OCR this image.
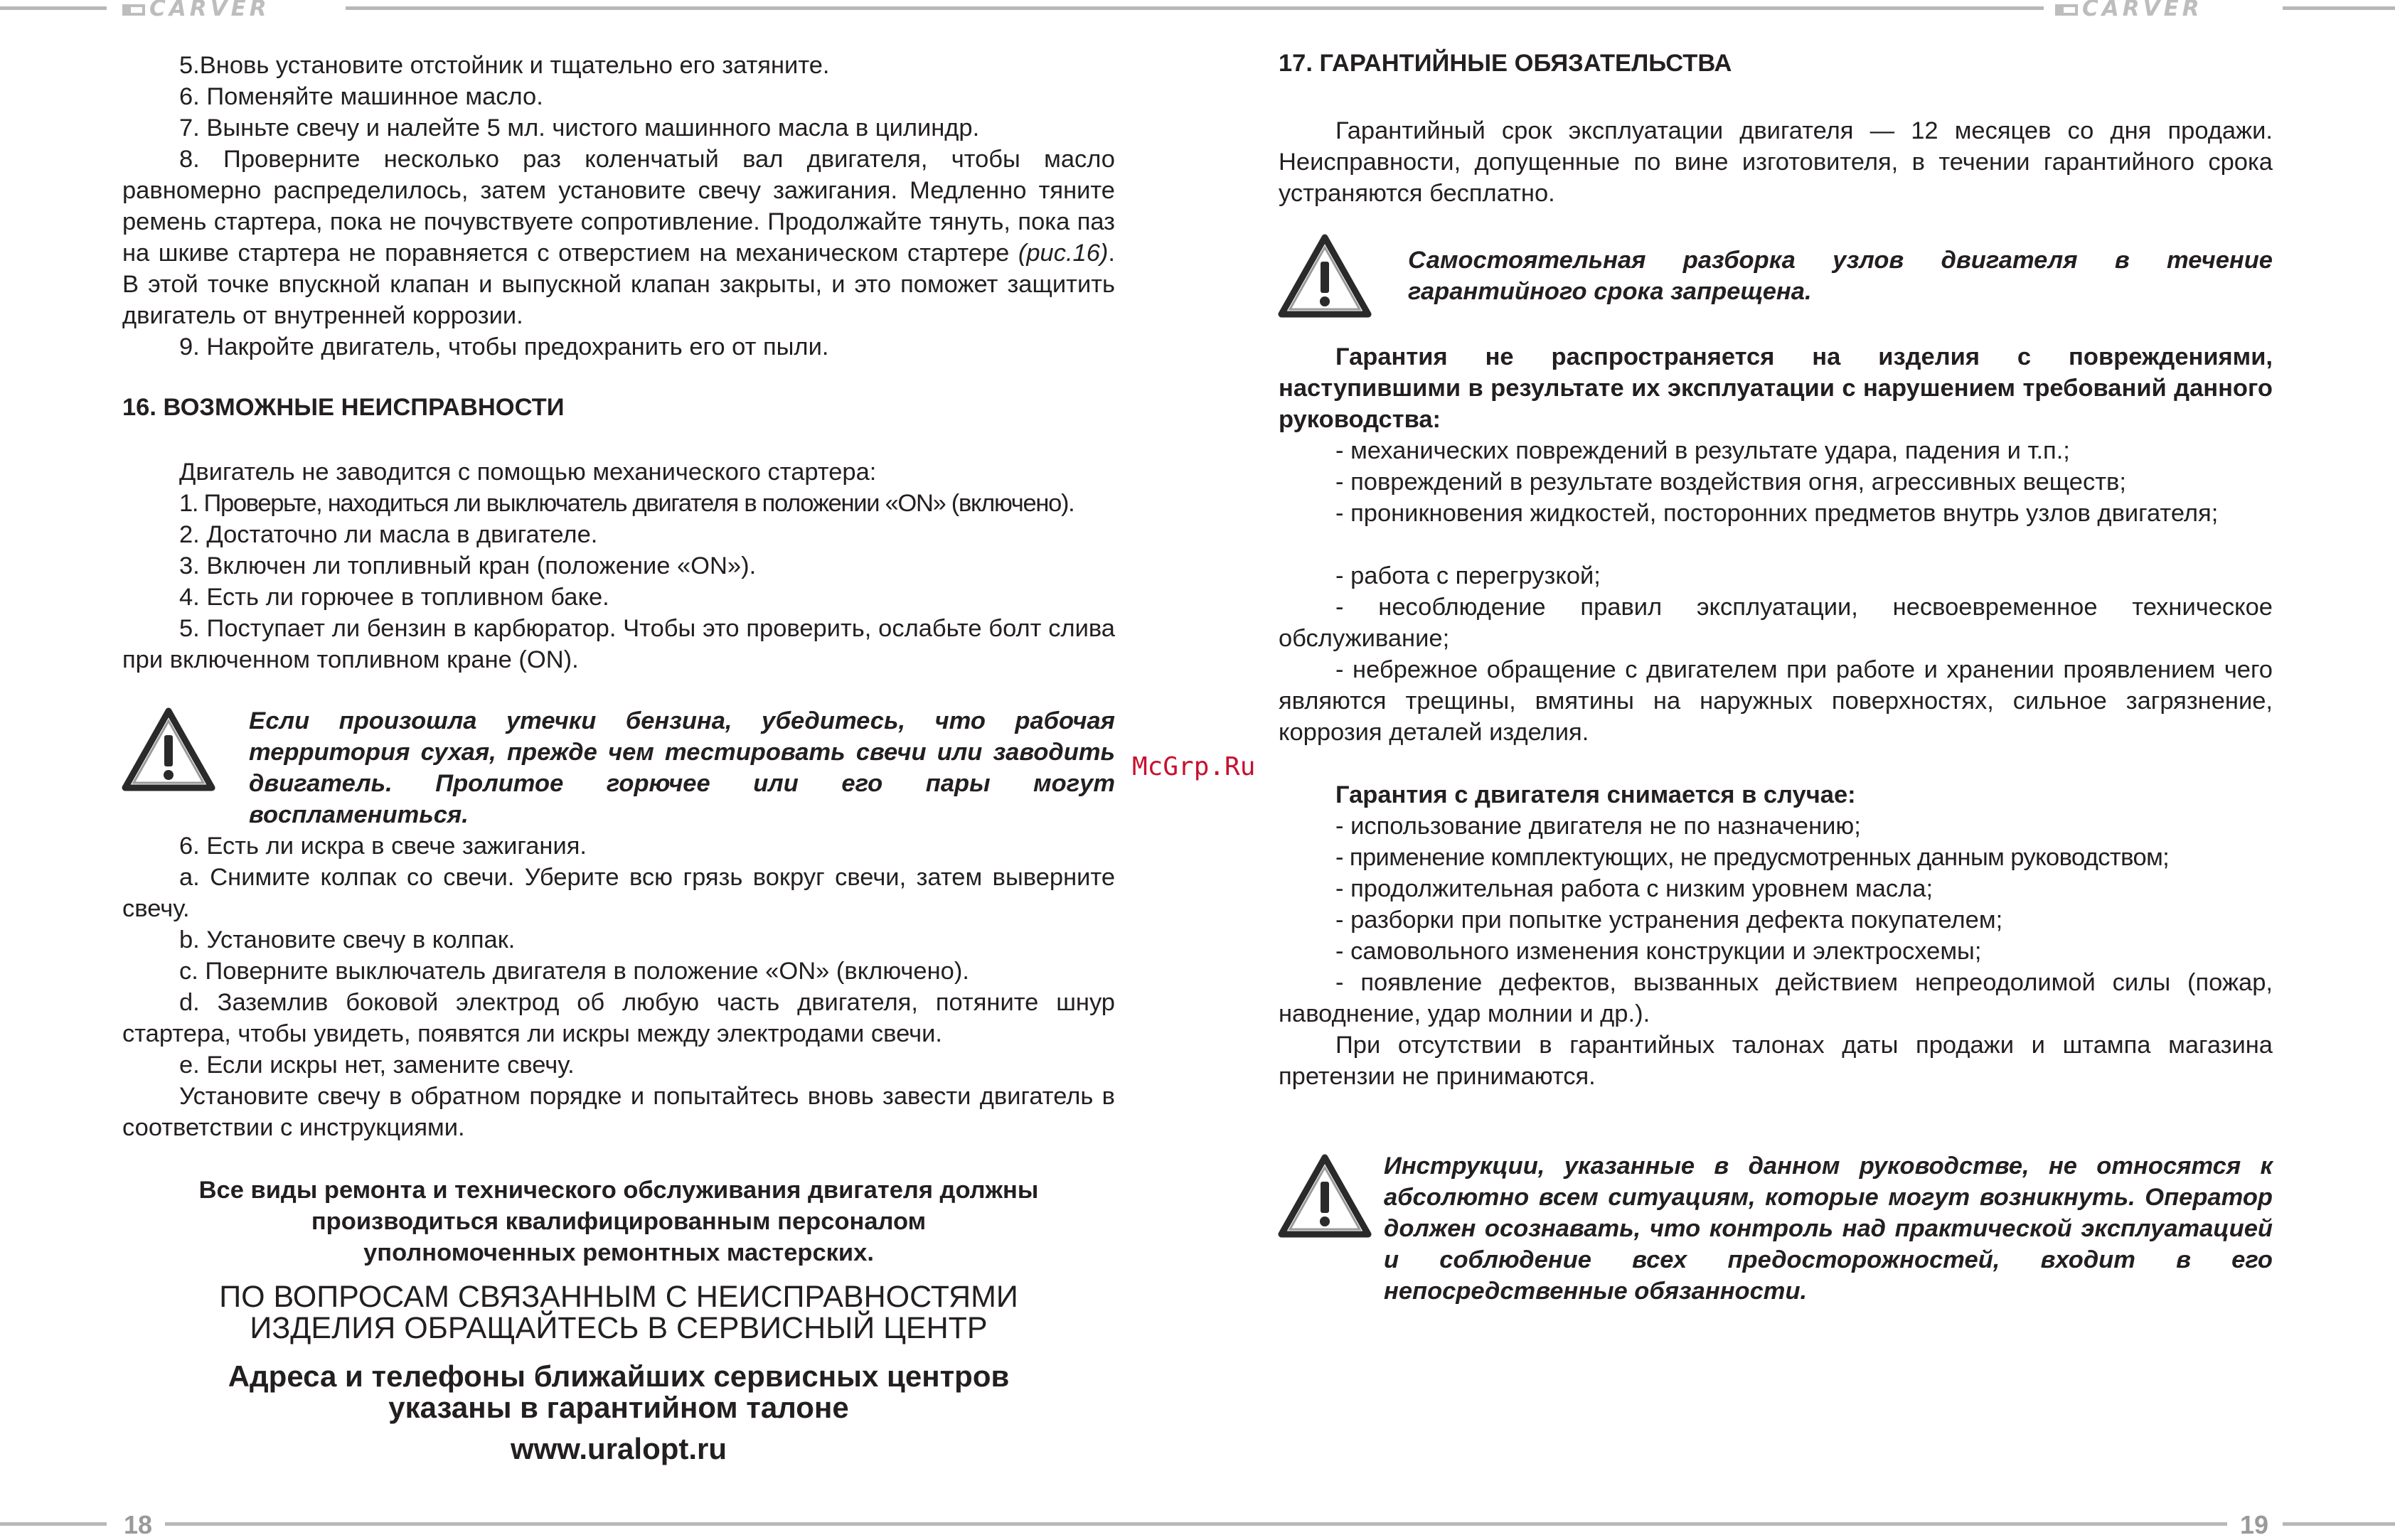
CARVER	CARVER
18	19
5.Вновь установите отстойник и тщательно его затяните.
6. Поменяйте машинное масло.
7. Выньте свечу и налейте 5 мл. чистого машинного масла в цилиндр.
8. Проверните несколько раз коленчатый вал двигателя, чтобы масло равномерно распределилось, затем установите свечу зажигания. Медленно тяните ремень стартера, пока не почувствуете сопротивление. Продолжайте тянуть, пока паз на шкиве стартера не поравняется с отверстием на механическом стартере (рис.16). В этой точке впускной клапан и выпускной клапан закрыты, и это поможет защитить двигатель от внутренней коррозии.
9. Накройте двигатель, чтобы предохранить его от пыли.
16. ВОЗМОЖНЫЕ НЕИСПРАВНОСТИ
Двигатель не заводится с помощью механического стартера:
1. Проверьте, находиться ли выключатель двигателя в положении «ON» (включено).
2. Достаточно ли масла в двигателе.
3. Включен ли топливный кран (положение «ON»).
4. Есть ли горючее в топливном баке.
5. Поступает ли бензин в карбюратор. Чтобы это проверить, ослабьте болт слива при включенном топливном кране (ON).
Если произошла утечки бензина, убедитесь, что рабочая территория сухая, прежде чем тестировать свечи или заводить двигатель. Пролитое горючее или его пары могут воспламениться.
6. Есть ли искра в свече зажигания.
a. Снимите колпак со свечи. Уберите всю грязь вокруг свечи, затем выверните свечу.
b. Установите свечу в колпак.
c. Поверните выключатель двигателя в положение «ON» (включено).
d. Заземлив боковой электрод об любую часть двигателя, потяните шнур стартера, чтобы увидеть, появятся ли искры между электродами свечи.
e. Если искры нет, замените свечу.
Установите свечу в обратном порядке и попытайтесь вновь завести двигатель в соответствии с инструкциями.
Все виды ремонта и технического обслуживания двигателя должны
производиться квалифицированным персоналом
уполномоченных ремонтных мастерских.
ПО ВОПРОСАМ СВЯЗАННЫМ С НЕИСПРАВНОСТЯМИ
ИЗДЕЛИЯ ОБРАЩАЙТЕСЬ В СЕРВИСНЫЙ ЦЕНТР
Адреса и телефоны ближайших сервисных центров
указаны в гарантийном талоне
www.uralopt.ru
McGrp.Ru
17. ГАРАНТИЙНЫЕ ОБЯЗАТЕЛЬСТВА
Гарантийный срок эксплуатации двигателя — 12 месяцев со дня продажи. Неисправности, допущенные по вине изготовителя, в течении гарантийного срока устраняются бесплатно.
Самостоятельная разборка узлов двигателя в течение гарантийного срока запрещена.
Гарантия не распространяется на изделия с повреждениями, наступившими в результате их эксплуатации с нарушением требований данного руководства:
- механических повреждений в результате удара, падения и т.п.;
- повреждений в результате воздействия огня, агрессивных веществ;
- проникновения жидкостей, посторонних предметов внутрь узлов двигателя;
- работа с перегрузкой;
- несоблюдение правил эксплуатации, несвоевременное техническое обслуживание;
- небрежное обращение с двигателем при работе и хранении проявлением чего являются трещины, вмятины на наружных поверхностях, сильное загрязнение, коррозия деталей изделия.
Гарантия с двигателя снимается в случае:
- использование двигателя не по назначению;
- применение комплектующих, не предусмотренных данным руководством;
- продолжительная работа с низким уровнем масла;
- разборки при попытке устранения дефекта покупателем;
- самовольного изменения конструкции и электросхемы;
- появление дефектов, вызванных действием непреодолимой силы (пожар, наводнение, удар молнии и др.).
При отсутствии в гарантийных талонах даты продажи и штампа магазина претензии не принимаются.
Инструкции, указанные в данном руководстве, не относятся к абсолютно всем ситуациям, которые могут возникнуть. Оператор должен осознавать, что контроль над практической эксплуатацией и соблюдение всех предосторожностей, входит в его непосредственные обязанности.
